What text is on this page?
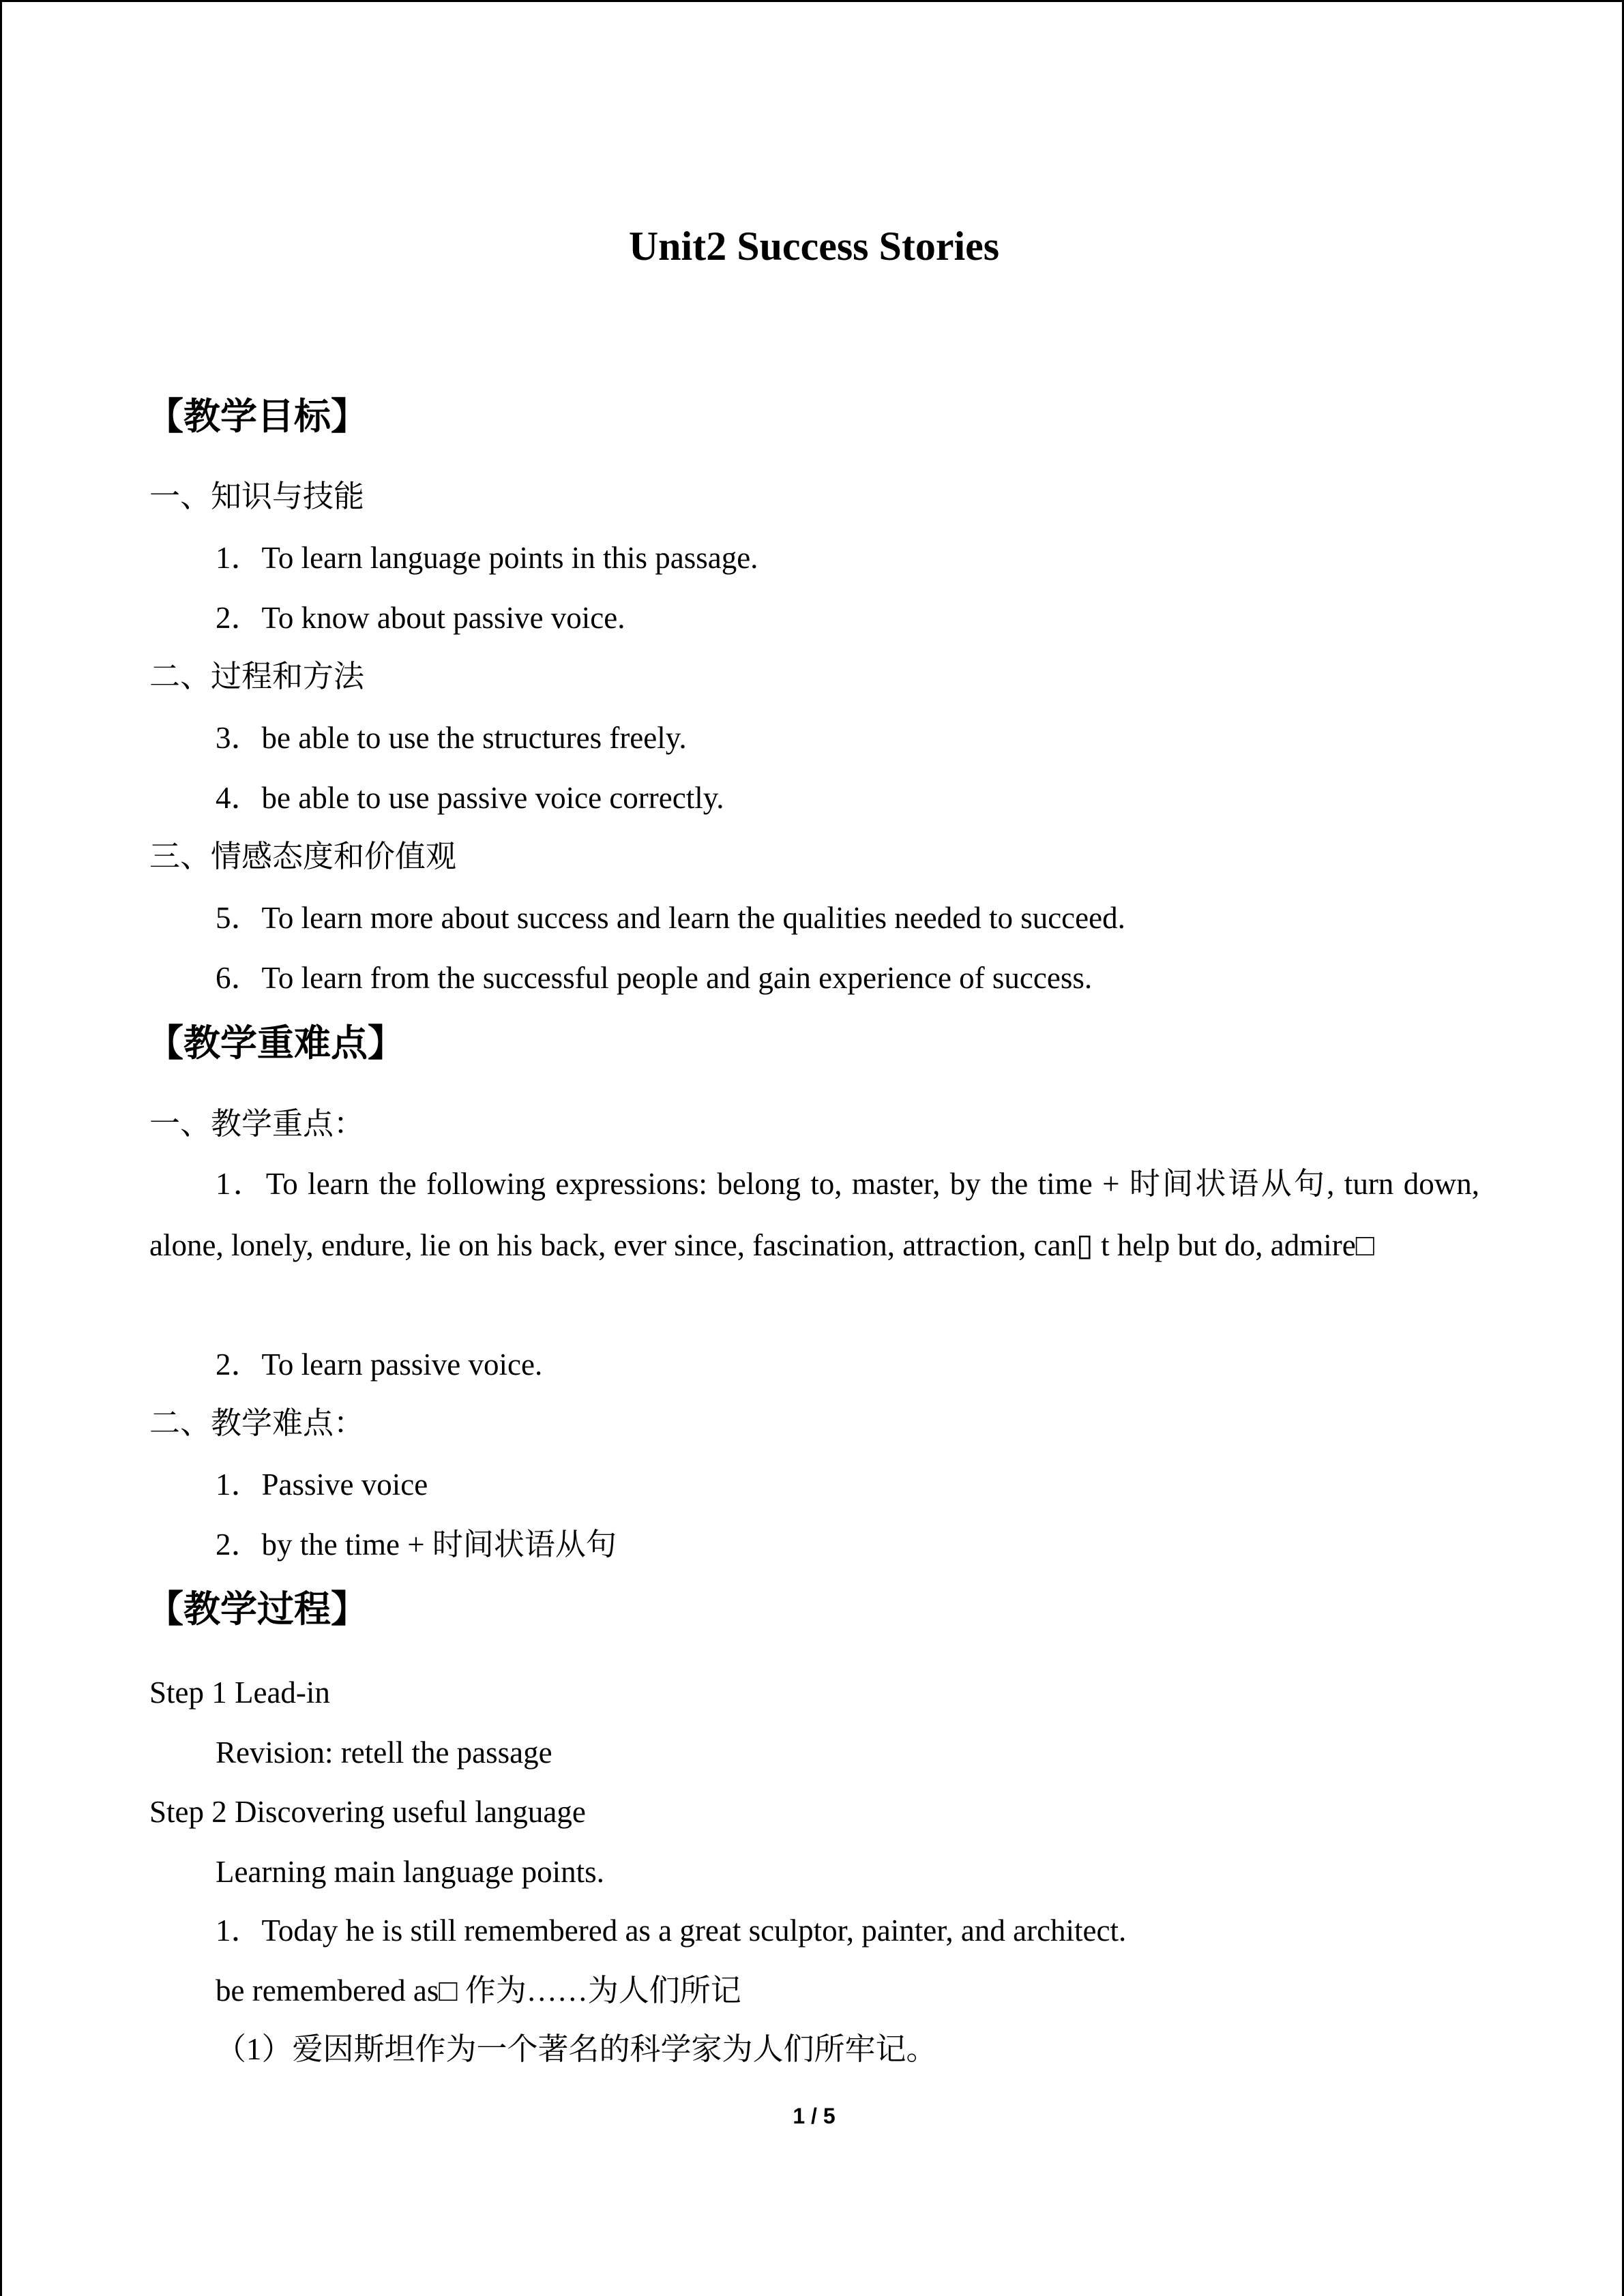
Unit2 Success Stories
【教学目标】
一、知识与技能
1．To learn language points in this passage.
2．To know about passive voice.
二、过程和方法
3．be able to use the structures freely.
4．be able to use passive voice correctly.
三、情感态度和价值观
5．To learn more about success and learn the qualities needed to succeed.
6．To learn from the successful people and gain experience of success.
【教学重难点】
一、教学重点：
1．To learn the following expressions: belong to, master, by the time + 时间状语从句, turn down, alone, lonely, endure, lie on his back, ever since, fascination, attraction, can▯ t help but do, admire□
2．To learn passive voice.
二、教学难点：
1．Passive voice
2．by the time + 时间状语从句
【教学过程】
Step 1 Lead-in
Revision: retell the passage
Step 2 Discovering useful language
Learning main language points.
1．Today he is still remembered as a great sculptor, painter, and architect.
be remembered as□ 作为……为人们所记
（1）爱因斯坦作为一个著名的科学家为人们所牢记。
1 / 5
